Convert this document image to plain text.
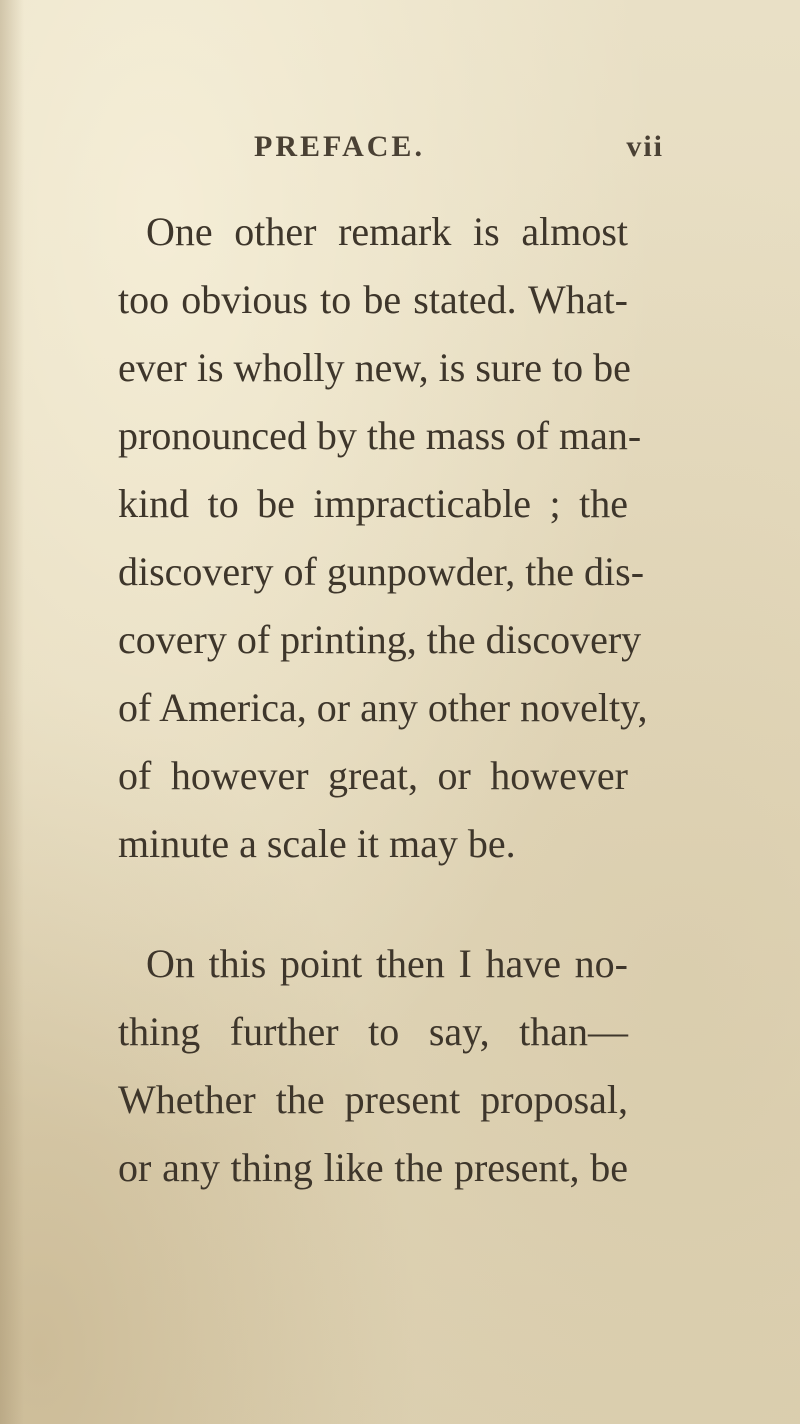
PREFACE.	vii

One other remark is almost
too obvious to be stated. What-
ever is wholly new, is sure to be
pronounced by the mass of man-
kind to be impracticable ; the
discovery of gunpowder, the dis-
covery of printing, the discovery
of America, or any other novelty,
of however great, or however
minute a scale it may be.

On this point then I have no-
thing further to say, than—
Whether the present proposal,
or any thing like the present, be
